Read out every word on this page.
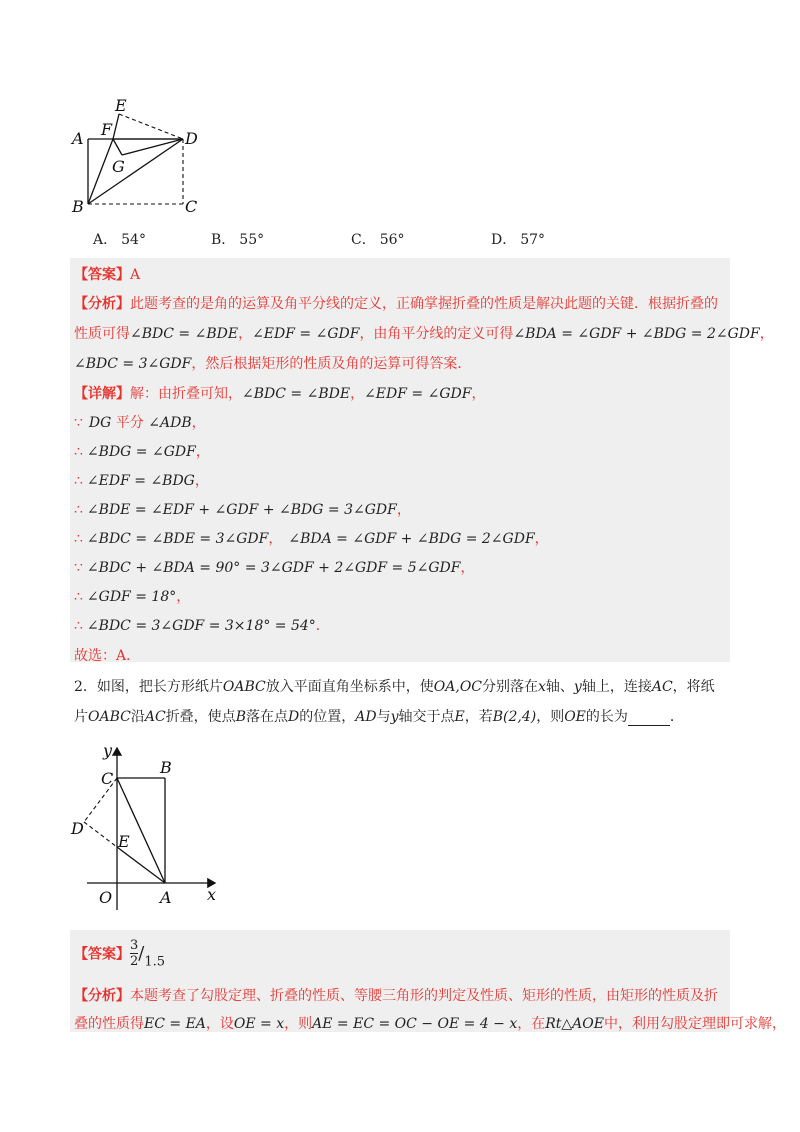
E
A F	D
G
B	C
A． 54°	B． 55°	C． 56°	D． 57°
【答案】A
【分析】此题考查的是角的运算及角平分线的定义，正确掌握折叠的性质是解决此题的关键．根据折叠的
性质可得∠BDC = ∠BDE，∠EDF = ∠GDF，由角平分线的定义可得∠BDA = ∠GDF + ∠BDG = 2∠GDF，
∠BDC = 3∠GDF，然后根据矩形的性质及角的运算可得答案．
【详解】解：由折叠可知，∠BDC = ∠BDE，∠EDF = ∠GDF，
∵ DG 平分 ∠ADB，
∴ ∠BDG = ∠GDF，
∴ ∠EDF = ∠BDG，
∴ ∠BDE = ∠EDF + ∠GDF + ∠BDG = 3∠GDF，
∴ ∠BDC = ∠BDE = 3∠GDF， ∠BDA = ∠GDF + ∠BDG = 2∠GDF，
∵ ∠BDC + ∠BDA = 90° = 3∠GDF + 2∠GDF = 5∠GDF，
∴ ∠GDF = 18°，
∴ ∠BDC = 3∠GDF = 3×18° = 54°．
故选：A．
2．如图，把长方形纸片OABC放入平面直角坐标系中，使OA,OC分别落在x轴、y轴上，连接AC，将纸
片OABC沿AC折叠，使点B落在点D的位置，AD与y轴交于点E，若B(2,4)，则OE的长为	．
y
C
B
D
E
O	A x
【答案】 $\frac{3}{2} /1.5$
【分析】本题考查了勾股定理、折叠的性质、等腰三角形的判定及性质、矩形的性质，由矩形的性质及折
叠的性质得EC = EA，设OE = x，则AE = EC = OC − OE = 4 − x，在Rt△AOE中，利用勾股定理即可求解，
